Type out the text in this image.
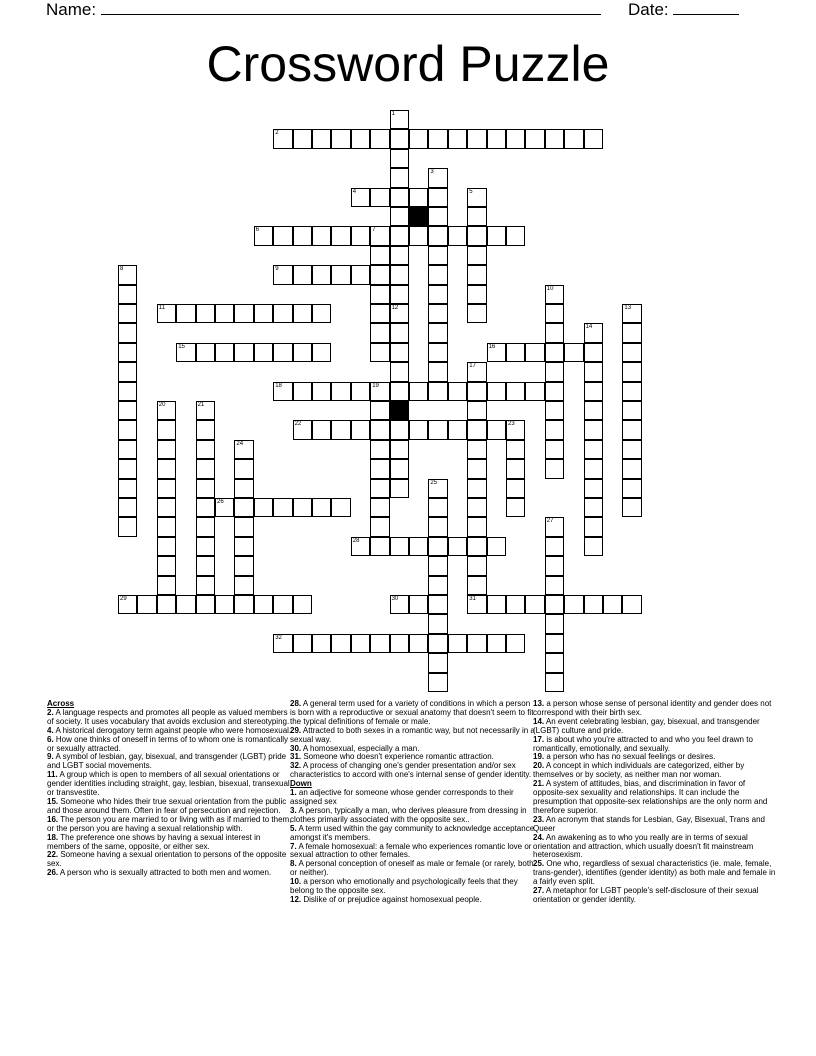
Name:	Date:
Crossword Puzzle
2
4
6	7
9
11
15	16
18	19
22	23
26
28
29	30	31
32
1
3
5
8
10
12	13
14
17
20	21
24
25
27
Across
2. A language respects and promotes all people as valued members of society. It uses vocabulary that avoids exclusion and stereotyping.
4. A historical derogatory term against people who were homosexual.
6. How one thinks of oneself in terms of to whom one is romantically or sexually attracted.
9. A symbol of lesbian, gay, bisexual, and transgender (LGBT) pride and LGBT social movements.
11. A group which is open to members of all sexual orientations or gender identities including straight, gay, lesbian, bisexual, transexual, or transvestite.
15. Someone who hides their true sexual orientation from the public and those around them. Often in fear of persecution and rejection.
16. The person you are married to or living with as if married to them, or the person you are having a sexual relationship with.
18. The preference one shows by having a sexual interest in members of the same, opposite, or either sex.
22. Someone having a sexual orientation to persons of the opposite sex.
26. A person who is sexually attracted to both men and women.
28. A general term used for a variety of conditions in which a person is born with a reproductive or sexual anatomy that doesn't seem to fit the typical definitions of female or male.
29. Attracted to both sexes in a romantic way, but not necessarily in a sexual way.
30. A homosexual, especially a man.
31. Someone who doesn't experience romantic attraction.
32. A process of changing one's gender presentation and/or sex characteristics to accord with one's internal sense of gender identity.
Down
1. an adjective for someone whose gender corresponds to their assigned sex
3. A person, typically a man, who derives pleasure from dressing in clothes primarily associated with the opposite sex..
5. A term used within the gay community to acknowledge acceptance amongst it's members.
7. A female homosexual: a female who experiences romantic love or sexual attraction to other females.
8. A personal conception of oneself as male or female (or rarely, both or neither).
10. a person who emotionally and psychologically feels that they belong to the opposite sex.
12. Dislike of or prejudice against homosexual people.
13. a person whose sense of personal identity and gender does not correspond with their birth sex.
14. An event celebrating lesbian, gay, bisexual, and transgender (LGBT) culture and pride.
17. is about who you're attracted to and who you feel drawn to romantically, emotionally, and sexually.
19. a person who has no sexual feelings or desires.
20. A concept in which individuals are categorized, either by themselves or by society, as neither man nor woman.
21. A system of attitudes, bias, and discrimination in favor of opposite-sex sexuality and relationships. It can include the presumption that opposite-sex relationships are the only norm and therefore superior.
23. An acronym that stands for Lesbian, Gay, Bisexual, Trans and Queer
24. An awakening as to who you really are in terms of sexual orientation and attraction, which usually doesn't fit mainstream heterosexism.
25. One who, regardless of sexual characteristics (ie. male, female, trans-gender), identifies (gender identity) as both male and female in a fairly even split.
27. A metaphor for LGBT people's self-disclosure of their sexual orientation or gender identity.
